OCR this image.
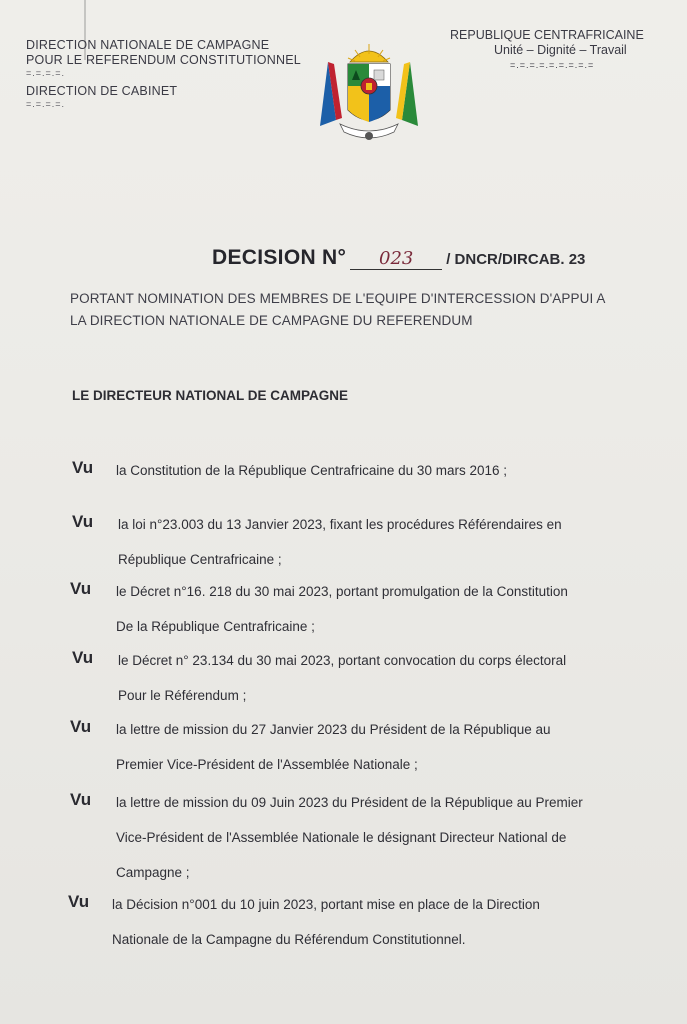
DIRECTION NATIONALE DE CAMPAGNE
POUR LE REFERENDUM CONSTITUTIONNEL
=.=.=.=.
DIRECTION DE CABINET
=.=.=.=.
REPUBLIQUE CENTRAFRICAINE
Unité – Dignité – Travail
=.=.=.=.=.=.=.=.=
DECISION N°	023	/ DNCR/DIRCAB. 23
PORTANT NOMINATION DES MEMBRES DE L'EQUIPE D'INTERCESSION D'APPUI A
LA DIRECTION NATIONALE DE CAMPAGNE DU REFERENDUM
LE DIRECTEUR NATIONAL DE CAMPAGNE
Vu la Constitution de la République Centrafricaine du 30 mars 2016 ;
Vu la loi n°23.003 du 13 Janvier 2023, fixant les procédures Référendaires en
République Centrafricaine ;
Vu le Décret n°16. 218 du 30 mai 2023, portant promulgation de la Constitution
De la République Centrafricaine ;
Vu le Décret n° 23.134 du 30 mai 2023, portant convocation du corps électoral
Pour le Référendum ;
Vu la lettre de mission du 27 Janvier 2023 du Président de la République au
Premier Vice-Président de l'Assemblée Nationale ;
Vu la lettre de mission du 09 Juin 2023 du Président de la République au Premier
Vice-Président de l'Assemblée Nationale le désignant Directeur National de
Campagne ;
Vu la Décision n°001 du 10 juin 2023, portant mise en place de la Direction
Nationale de la Campagne du Référendum Constitutionnel.
